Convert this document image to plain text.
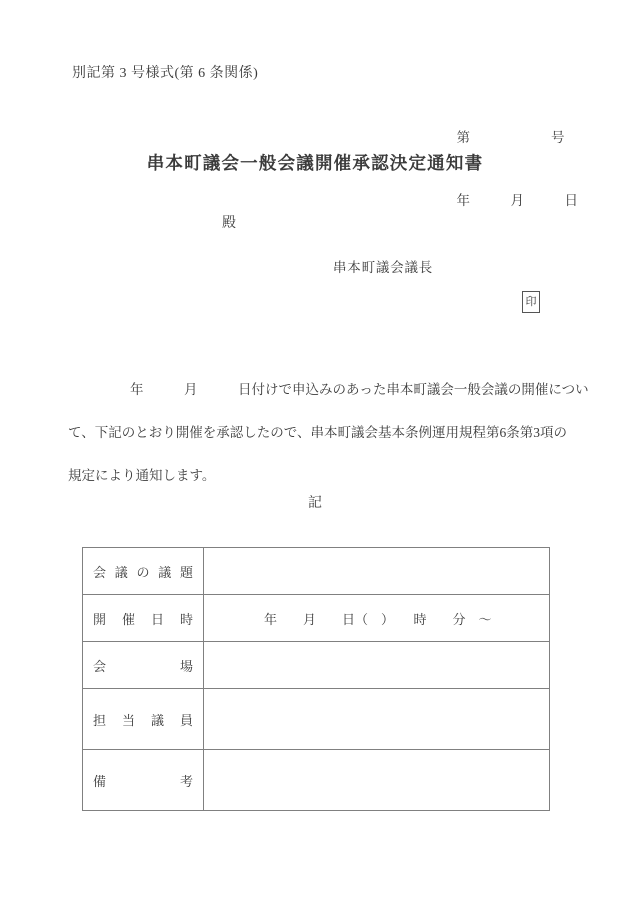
別記第 3 号様式(第 6 条関係)

第　　　　　　号

年　　　月　　　日

串本町議会一般会議開催承認決定通知書
殿
串本町議会議長
印
年　　　月　　　日付けで申込みのあった串本町議会一般会議の開催につい
て、下記のとおり開催を承認したので、串本町議会基本条例運用規程第6条第3項の
規定により通知します。
記
会議の議題	
開催日時	年　　月　　日（　）　　時　　分　〜
会場	
担当議員	
備考	
